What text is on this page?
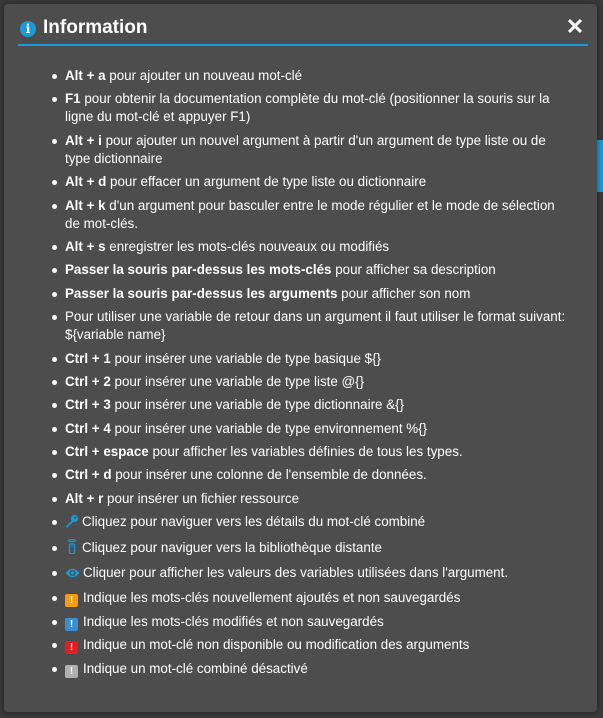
i Information	✕
Alt + a pour ajouter un nouveau mot-clé
F1 pour obtenir la documentation complète du mot-clé (positionner la souris sur la ligne du mot-clé et appuyer F1)
Alt + i pour ajouter un nouvel argument à partir d'un argument de type liste ou de type dictionnaire
Alt + d pour effacer un argument de type liste ou dictionnaire
Alt + k d'un argument pour basculer entre le mode régulier et le mode de sélection de mot-clés.
Alt + s enregistrer les mots-clés nouveaux ou modifiés
Passer la souris par-dessus les mots-clés pour afficher sa description
Passer la souris par-dessus les arguments pour afficher son nom
Pour utiliser une variable de retour dans un argument il faut utiliser le format suivant: ${variable name}
Ctrl + 1 pour insérer une variable de type basique ${}
Ctrl + 2 pour insérer une variable de type liste @{}
Ctrl + 3 pour insérer une variable de type dictionnaire &{}
Ctrl + 4 pour insérer une variable de type environnement %{}
Ctrl + espace pour afficher les variables définies de tous les types.
Ctrl + d pour insérer une colonne de l'ensemble de données.
Alt + r pour insérer un fichier ressource
Cliquez pour naviguer vers les détails du mot-clé combiné
Cliquez pour naviguer vers la bibliothèque distante
Cliquer pour afficher les valeurs des variables utilisées dans l'argument.
! Indique les mots-clés nouvellement ajoutés et non sauvegardés
! Indique les mots-clés modifiés et non sauvegardés
! Indique un mot-clé non disponible ou modification des arguments
! Indique un mot-clé combiné désactivé
